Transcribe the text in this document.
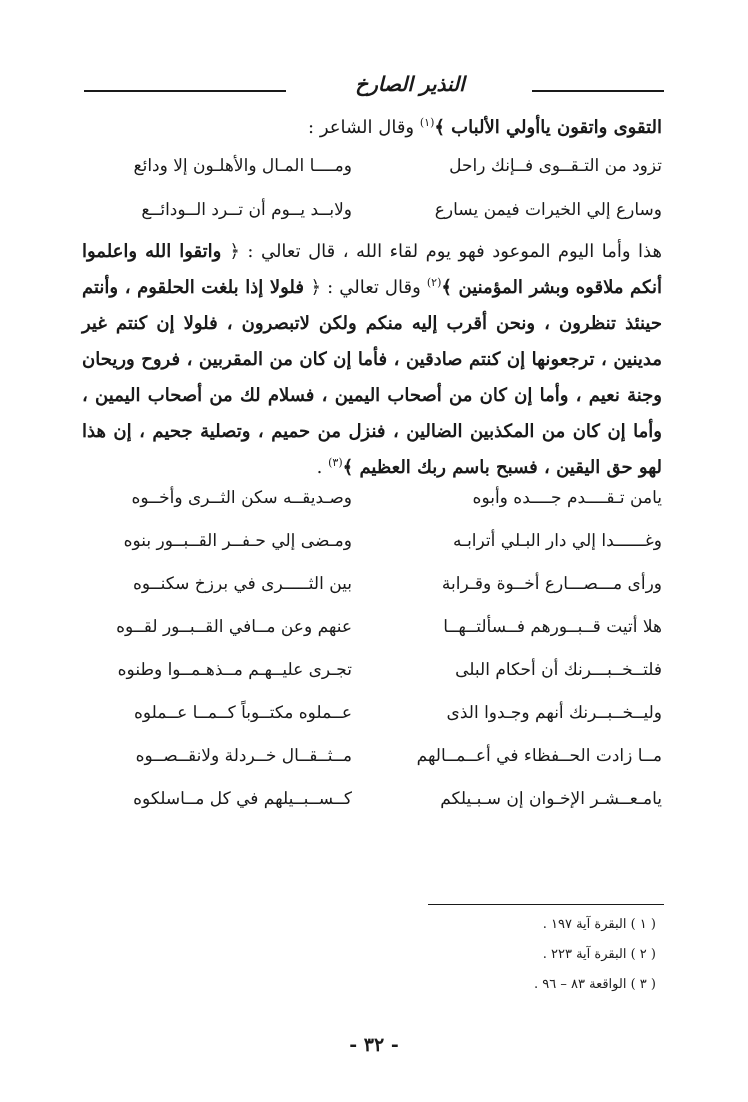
النذير الصارخ
التقوى واتقون ياأولي الألباب ﴾$^{(١)}$ وقال الشاعر :
تزود من التـقــوى فــإنك راحل
ومــــا المـال والأهلـون إلا ودائع
وسارع إلي الخيرات فيمن يسارع
ولابــد يــوم أن تــرد الــودائــع
هذا وأما اليوم الموعود فهو يوم لقاء الله ، قال تعالي : ﴿ واتقوا الله واعلموا أنكم ملاقوه وبشر المؤمنين ﴾$^{(٢)}$ وقال تعالي : ﴿ فلولا إذا بلغت الحلقوم ، وأنتم حينئذ تنظرون ، ونحن أقرب إليه منكم ولكن لاتبصرون ، فلولا إن كنتم غير مدينين ، ترجعونها إن كنتم صادقين ، فأما إن كان من المقربين ، فروح وريحان وجنة نعيم ، وأما إن كان من أصحاب اليمين ، فسلام لك من أصحاب اليمين ، وأما إن كان من المكذبين الضالين ، فنزل من حميم ، وتصلية جحيم ، إن هذا لهو حق اليقين ، فسبح باسم ربك العظيم ﴾$^{(٣)}$ .
يامن تـقــــدم جــــده وأبوه
وصـديقــه سكن الثــرى وأخــوه
وغــــــدا إلي دار البـلي أترابـه
ومـضى إلي حـفــر القــبــور بنوه
ورأى مـــصـــارع أخــوة وقـرابة
بين الثـــــرى في برزخ سكنــوه
هلا أتيت قــبــورهم فــسألتــهــا
عنهم وعن مــافي القــبــور لقــوه
فلتــخــبـــرنك أن أحكام البلى
تجـرى عليــهـم مــذهـمــوا وطنوه
وليــخــبــرنك أنهم وجـدوا الذى
عــملوه مكتــوباً كــمــا عــملوه
مــا زادت الحــفظاء في أعــمــالهم
مــثــقــال خــردلة ولانقــصــوه
يامـعــشـر الإخـوان إن سـبـيلكم
كــســبــيلهم في كل مــاسلكوه
( ١ ) البقرة آية ١٩٧ .
( ٢ ) البقرة آية ٢٢٣ .
( ٣ ) الواقعة ٨٣ – ٩٦ .
- ٣٢ -
